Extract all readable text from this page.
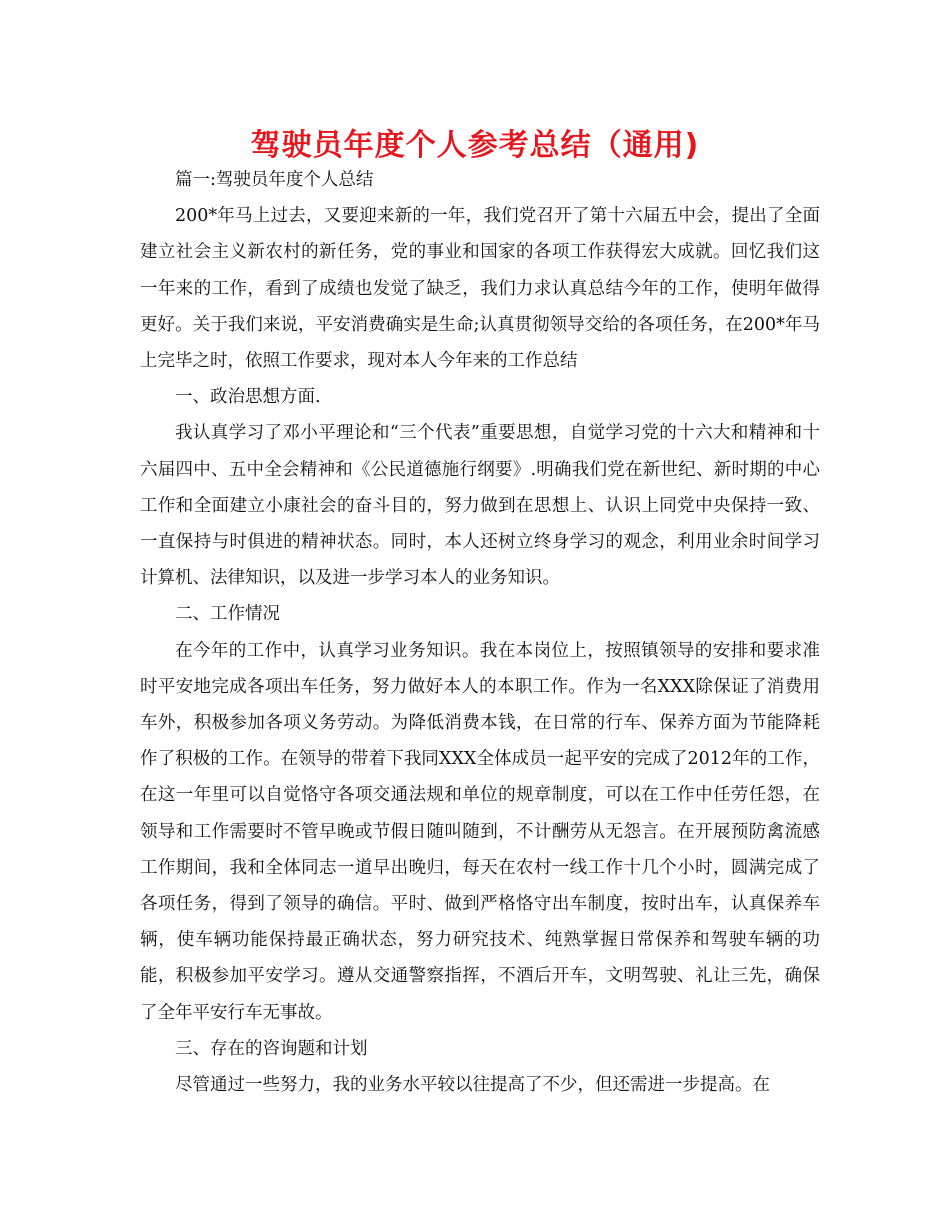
驾驶员年度个人参考总结（通用)

篇一:驾驶员年度个人总结

200*年马上过去，又要迎来新的一年，我们党召开了第十六届五中会，提出了全面建立社会主义新农村的新任务，党的事业和国家的各项工作获得宏大成就。回忆我们这一年来的工作，看到了成绩也发觉了缺乏，我们力求认真总结今年的工作，使明年做得更好。关于我们来说，平安消费确实是生命;认真贯彻领导交给的各项任务，在200*年马上完毕之时，依照工作要求，现对本人今年来的工作总结

一、政治思想方面.

我认真学习了邓小平理论和“三个代表”重要思想，自觉学习党的十六大和精神和十六届四中、五中全会精神和《公民道德施行纲要》.明确我们党在新世纪、新时期的中心工作和全面建立小康社会的奋斗目的，努力做到在思想上、认识上同党中央保持一致、一直保持与时俱进的精神状态。同时，本人还树立终身学习的观念，利用业余时间学习计算机、法律知识，以及进一步学习本人的业务知识。

二、工作情况

在今年的工作中，认真学习业务知识。我在本岗位上，按照镇领导的安排和要求准时平安地完成各项出车任务，努力做好本人的本职工作。作为一名XXX除保证了消费用车外，积极参加各项义务劳动。为降低消费本钱，在日常的行车、保养方面为节能降耗作了积极的工作。在领导的带着下我同XXX全体成员一起平安的完成了2012年的工作，在这一年里可以自觉恪守各项交通法规和单位的规章制度，可以在工作中任劳任怨，在领导和工作需要时不管早晚或节假日随叫随到，不计酬劳从无怨言。在开展预防禽流感工作期间，我和全体同志一道早出晚归，每天在农村一线工作十几个小时，圆满完成了各项任务，得到了领导的确信。平时、做到严格恪守出车制度，按时出车，认真保养车辆，使车辆功能保持最正确状态，努力研究技术、纯熟掌握日常保养和驾驶车辆的功能，积极参加平安学习。遵从交通警察指挥，不酒后开车，文明驾驶、礼让三先，确保了全年平安行车无事故。

三、存在的咨询题和计划

尽管通过一些努力，我的业务水平较以往提高了不少，但还需进一步提高。在
